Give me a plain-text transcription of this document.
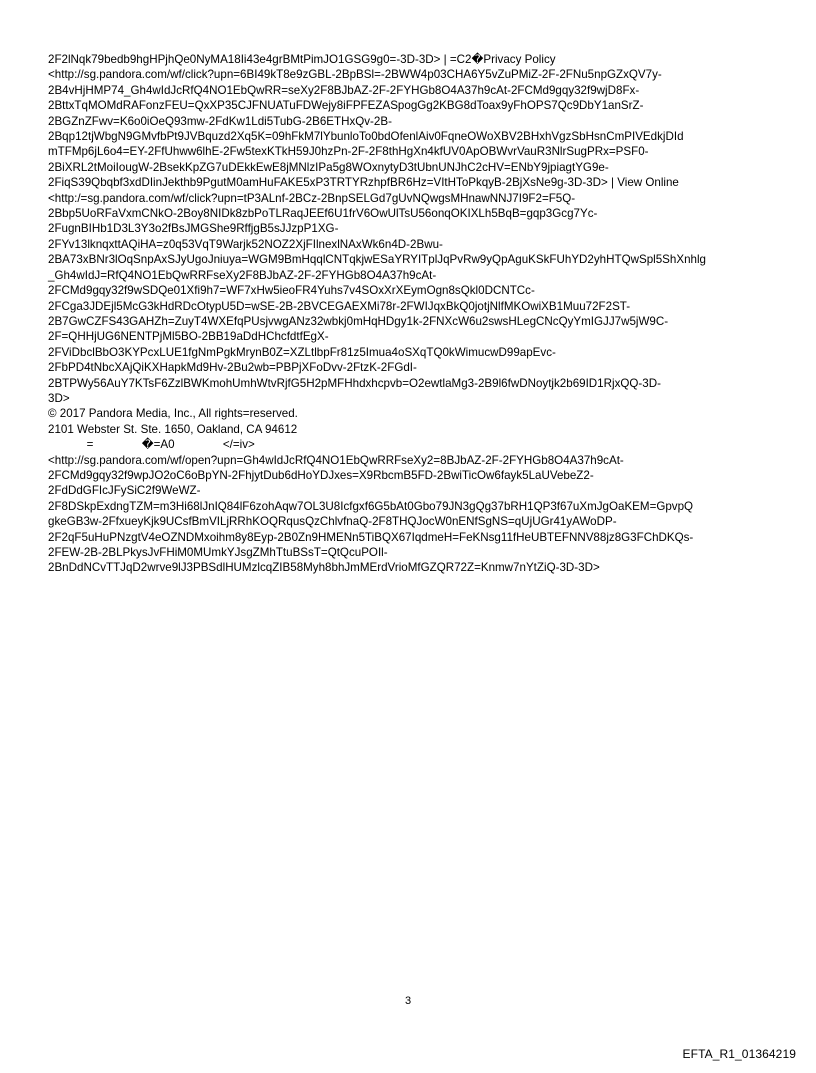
2F2lNqk79bedb9hgHPjhQe0NyMA18Ii43e4grBMtPimJO1GSG9g0=-3D-3D> | =C2�Privacy Policy
<http://sg.pandora.com/wf/click?upn=6BI49kT8e9zGBL-2BpBSl=-2BWW4p03CHA6Y5vZuPMiZ-2F-2FNu5npGZxQV7y-
2B4vHjHMP74_Gh4wIdJcRfQ4NO1EbQwRR=seXy2F8BJbAZ-2F-2FYHGb8O4A37h9cAt-2FCMd9gqy32f9wjD8Fx-
2BttxTqMOMdRAFonzFEU=QxXP35CJFNUATuFDWejy8iFPFEZASpogGg2KBG8dToax9yFhOPS7Qc9DbY1anSrZ-
2BGZnZFwv=K6o0iOeQ93mw-2FdKw1Ldi5TubG-2B6ETHxQv-2B-
2Bqp12tjWbgN9GMvfbPt9JVBquzd2Xq5K=09hFkM7lYbunloTo0bdOfenlAiv0FqneOWoXBV2BHxhVgzSbHsnCmPIVEdkjDId
mTFMp6jL6o4=EY-2FfUhww6lhE-2Fw5texKTkH59J0hzPn-2F-2F8thHgXn4kfUV0ApOBWvrVauR3NlrSugPRx=PSF0-
2BiXRL2tMoiIougW-2BsekKpZG7uDEkkEwE8jMNlzIPa5g8WOxnytyD3tUbnUNJhC2cHV=ENbY9jpiagtYG9e-
2FiqS39Qbqbf3xdDIinJekthb9PgutM0amHuFAKE5xP3TRTYRzhpfBR6Hz=VItHToPkqyB-2BjXsNe9g-3D-3D> | View Online
<http:/=sg.pandora.com/wf/click?upn=tP3ALnf-2BCz-2BnpSELGd7gUvNQwgsMHnawNNJ7I9F2=F5Q-
2Bbp5UoRFaVxmCNkO-2Boy8NIDk8zbPoTLRaqJEEf6U1frV6OwUlTsU56onqOKIXLh5BqB=gqp3Gcg7Yc-
2FugnBIHb1D3L3Y3o2fBsJMGShe9RffjgB5sJJzpP1XG-
2FYv13lknqxttAQiHA=z0q53VqT9Warjk52NOZ2XjFIlnexlNAxWk6n4D-2Bwu-
2BA73xBNr3lOqSnpAxSJyUgoJniuya=WGM9BmHqqlCNTqkjwESaYRYITplJqPvRw9yQpAguKSkFUhYD2yhHTQwSpl5ShXnhlg
_Gh4wIdJ=RfQ4NO1EbQwRRFseXy2F8BJbAZ-2F-2FYHGb8O4A37h9cAt-
2FCMd9gqy32f9wSDQe01Xfi9h7=WF7xHw5ieoFR4Yuhs7v4SOxXrXEymOgn8sQkl0DCNTCc-
2FCga3JDEjl5McG3kHdRDcOtypU5D=wSE-2B-2BVCEGAEXMi78r-2FWIJqxBkQ0jotjNlfMKOwiXB1Muu72F2ST-
2B7GwCZFS43GAHZh=ZuyT4WXEfqPUsjvwgANz32wbkj0mHqHDgy1k-2FNXcW6u2swsHLegCNcQyYmIGJJ7w5jW9C-
2F=QHHjUG6NENTPjMl5BO-2BB19aDdHChcfdtfEgX-
2FViDbclBbO3KYPcxLUE1fgNmPgkMrynB0Z=XZLtlbpFr81z5Imua4oSXqTQ0kWimucwD99apEvc-
2FbPD4tNbcXAjQiKXHapkMd9Hv-2Bu2wb=PBPjXFoDvv-2FtzK-2FGdI-
2BTPWy56AuY7KTsF6ZzlBWKmohUmhWtvRjfG5H2pMFHhdxhcpvb=O2ewtlaMg3-2B9l6fwDNoytjk2b69ID1RjxQQ-3D-
3D>
© 2017 Pandora Media, Inc., All rights=reserved.
2101 Webster St. Ste. 1650, Oakland, CA 94612
=               �=A0               </=iv>
<http://sg.pandora.com/wf/open?upn=Gh4wIdJcRfQ4NO1EbQwRRFseXy2=8BJbAZ-2F-2FYHGb8O4A37h9cAt-
2FCMd9gqy32f9wpJO2oC6oBpYN-2FhjytDub6dHoYDJxes=X9RbcmB5FD-2BwiTicOw6fayk5LaUVebeZ2-
2FdDdGFIcJFySiC2f9WeWZ-
2F8DSkpExdngTZM=m3Hi68lJnIQ84lF6zohAqw7OL3U8Icfgxf6G5bAt0Gbo79JN3gQg37bRH1QP3f67uXmJgOaKEM=GpvpQ
gkeGB3w-2FfxueyKjk9UCsfBmVILjRRhKOQRqusQzChlvfnaQ-2F8THQJocW0nENfSgNS=qUjUGr41yAWoDP-
2F2qF5uHuPNzgtV4eOZNDMxoihm8y8Eyp-2B0Zn9HMENn5TiBQX67IqdmeH=FeKNsg11fHeUBTEFNNV88jz8G3FChDKQs-
2FEW-2B-2BLPkysJvFHiM0MUmkYJsgZMhTtuBSsT=QtQcuPOIl-
2BnDdNCvTTJqD2wrve9lJ3PBSdlHUMzlcqZIB58Myh8bhJmMErdVrioMfGZQR72Z=Knmw7nYtZiQ-3D-3D>
3
EFTA_R1_01364219
